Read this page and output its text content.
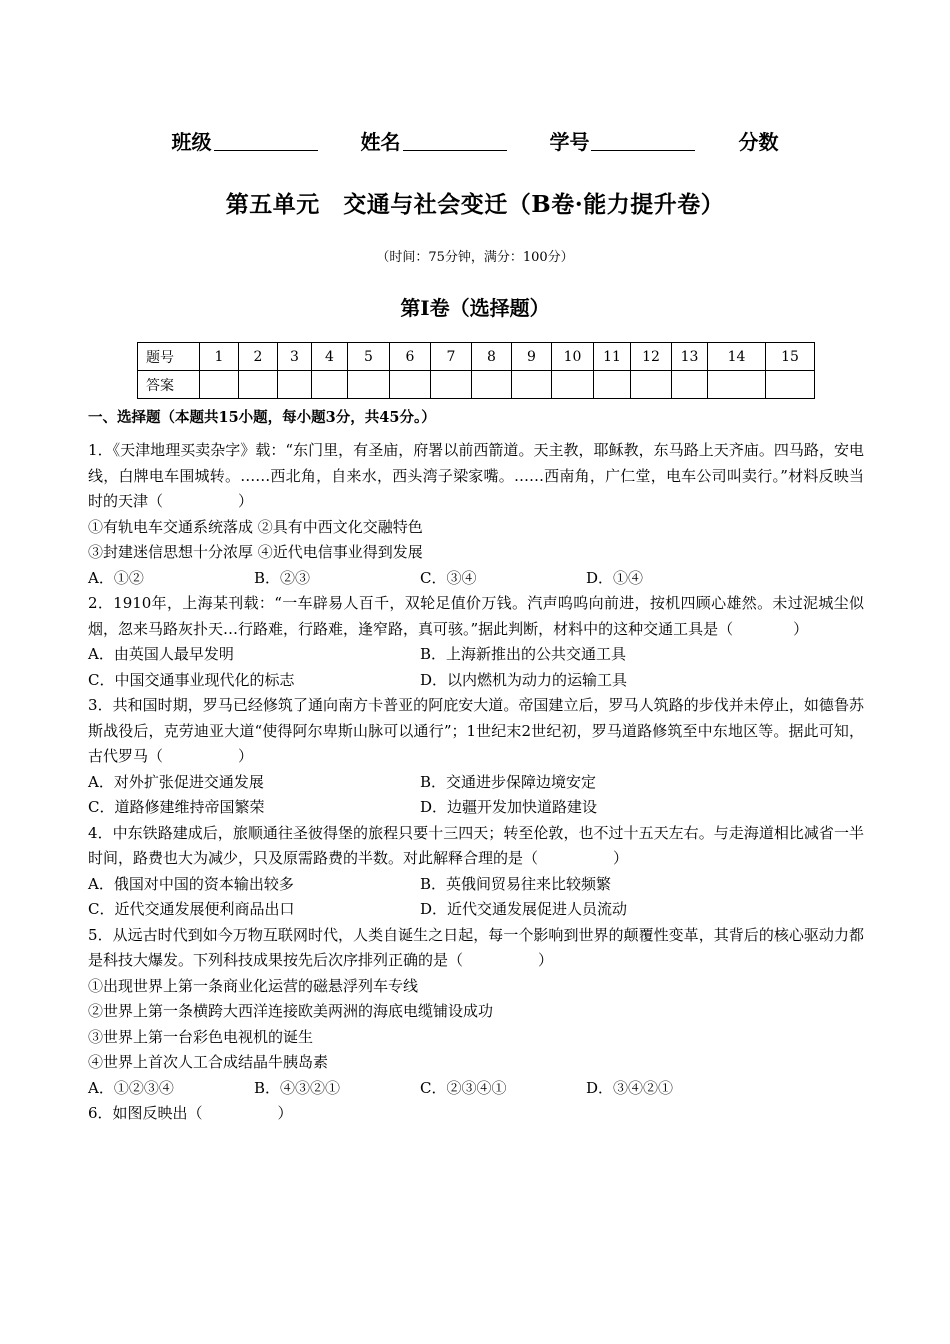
班级	姓名	学号	分数
第五单元　交通与社会变迁（B卷·能力提升卷）
（时间：75分钟，满分：100分）
第Ⅰ卷（选择题）
题号	1	2	3	4	5	6	7	8	9	10	11	12	13	14	15
答案															
一、选择题（本题共15小题，每小题3分，共45分。）
1．《天津地理买卖杂字》载：“东门里，有圣庙，府署以前西箭道。天主教，耶稣教，东马路上天齐庙。四马路，安电线，白牌电车围城转。……西北角，自来水，西头湾子梁家嘴。……西南角，广仁堂，电车公司叫卖行。”材料反映当时的天津（　　　　　）
①有轨电车交通系统落成 ②具有中西文化交融特色
③封建迷信思想十分浓厚 ④近代电信事业得到发展
A．①②	B．②③	C．③④	D．①④
2．1910年，上海某刊载：“一车辟易人百千，双轮足值价万钱。汽声呜呜向前进，按机四顾心雄然。未过泥城尘似烟，忽来马路灰扑天…行路难，行路难，逢窄路，真可骇。”据此判断，材料中的这种交通工具是（　　　　）
A．由英国人最早发明	B．上海新推出的公共交通工具
C．中国交通事业现代化的标志	D．以内燃机为动力的运输工具
3．共和国时期，罗马已经修筑了通向南方卡普亚的阿庇安大道。帝国建立后，罗马人筑路的步伐并未停止，如德鲁苏斯战役后，克劳迪亚大道“使得阿尔卑斯山脉可以通行”；1世纪末2世纪初，罗马道路修筑至中东地区等。据此可知，古代罗马（　　　　　）
A．对外扩张促进交通发展	B．交通进步保障边境安定
C．道路修建维持帝国繁荣	D．边疆开发加快道路建设
4．中东铁路建成后，旅顺通往圣彼得堡的旅程只要十三四天；转至伦敦，也不过十五天左右。与走海道相比减省一半时间，路费也大为减少，只及原需路费的半数。对此解释合理的是（　　　　　）
A．俄国对中国的资本输出较多	B．英俄间贸易往来比较频繁
C．近代交通发展便利商品出口	D．近代交通发展促进人员流动
5．从远古时代到如今万物互联网时代，人类自诞生之日起，每一个影响到世界的颠覆性变革，其背后的核心驱动力都是科技大爆发。下列科技成果按先后次序排列正确的是（　　　　　）
①出现世界上第一条商业化运营的磁悬浮列车专线
②世界上第一条横跨大西洋连接欧美两洲的海底电缆铺设成功
③世界上第一台彩色电视机的诞生
④世界上首次人工合成结晶牛胰岛素
A．①②③④	B．④③②①	C．②③④①	D．③④②①
6．如图反映出（　　　　　）
